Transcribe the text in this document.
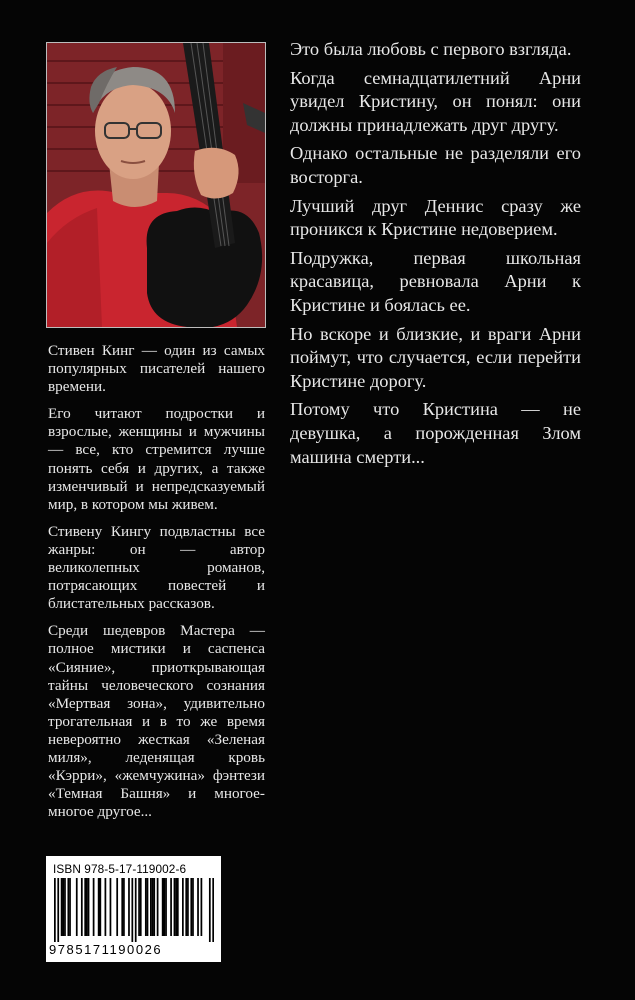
Стивен Кинг — один из самых популярных писателей нашего времени.

Его читают подростки и взрослые, женщины и мужчины — все, кто стремится лучше понять себя и других, а также изменчивый и непредсказуемый мир, в котором мы живем.

Стивену Кингу подвластны все жанры: он — автор великолепных романов, потрясающих повестей и блистательных рассказов.

Среди шедевров Мастера — полное мистики и саспенса «Сияние», приоткрывающая тайны человеческого сознания «Мертвая зона», удивительно трогательная и в то же время невероятно жесткая «Зеленая миля», леденящая кровь «Кэрри», «жемчужина» фэнтези «Темная Башня» и многое-многое другое...

Это была любовь с первого взгляда.

Когда семнадцатилетний Арни увидел Кристину, он понял: они должны принадлежать друг другу.

Однако остальные не разделяли его восторга.

Лучший друг Деннис сразу же проникся к Кристине недоверием.

Подружка, первая школьная красавица, ревновала Арни к Кристине и боялась ее.

Но вскоре и близкие, и враги Арни поймут, что случается, если перейти Кристине дорогу.

Потому что Кристина — не девушка, а порожденная Злом машина смерти...

ISBN 978-5-17-119002-6
9785171190026
